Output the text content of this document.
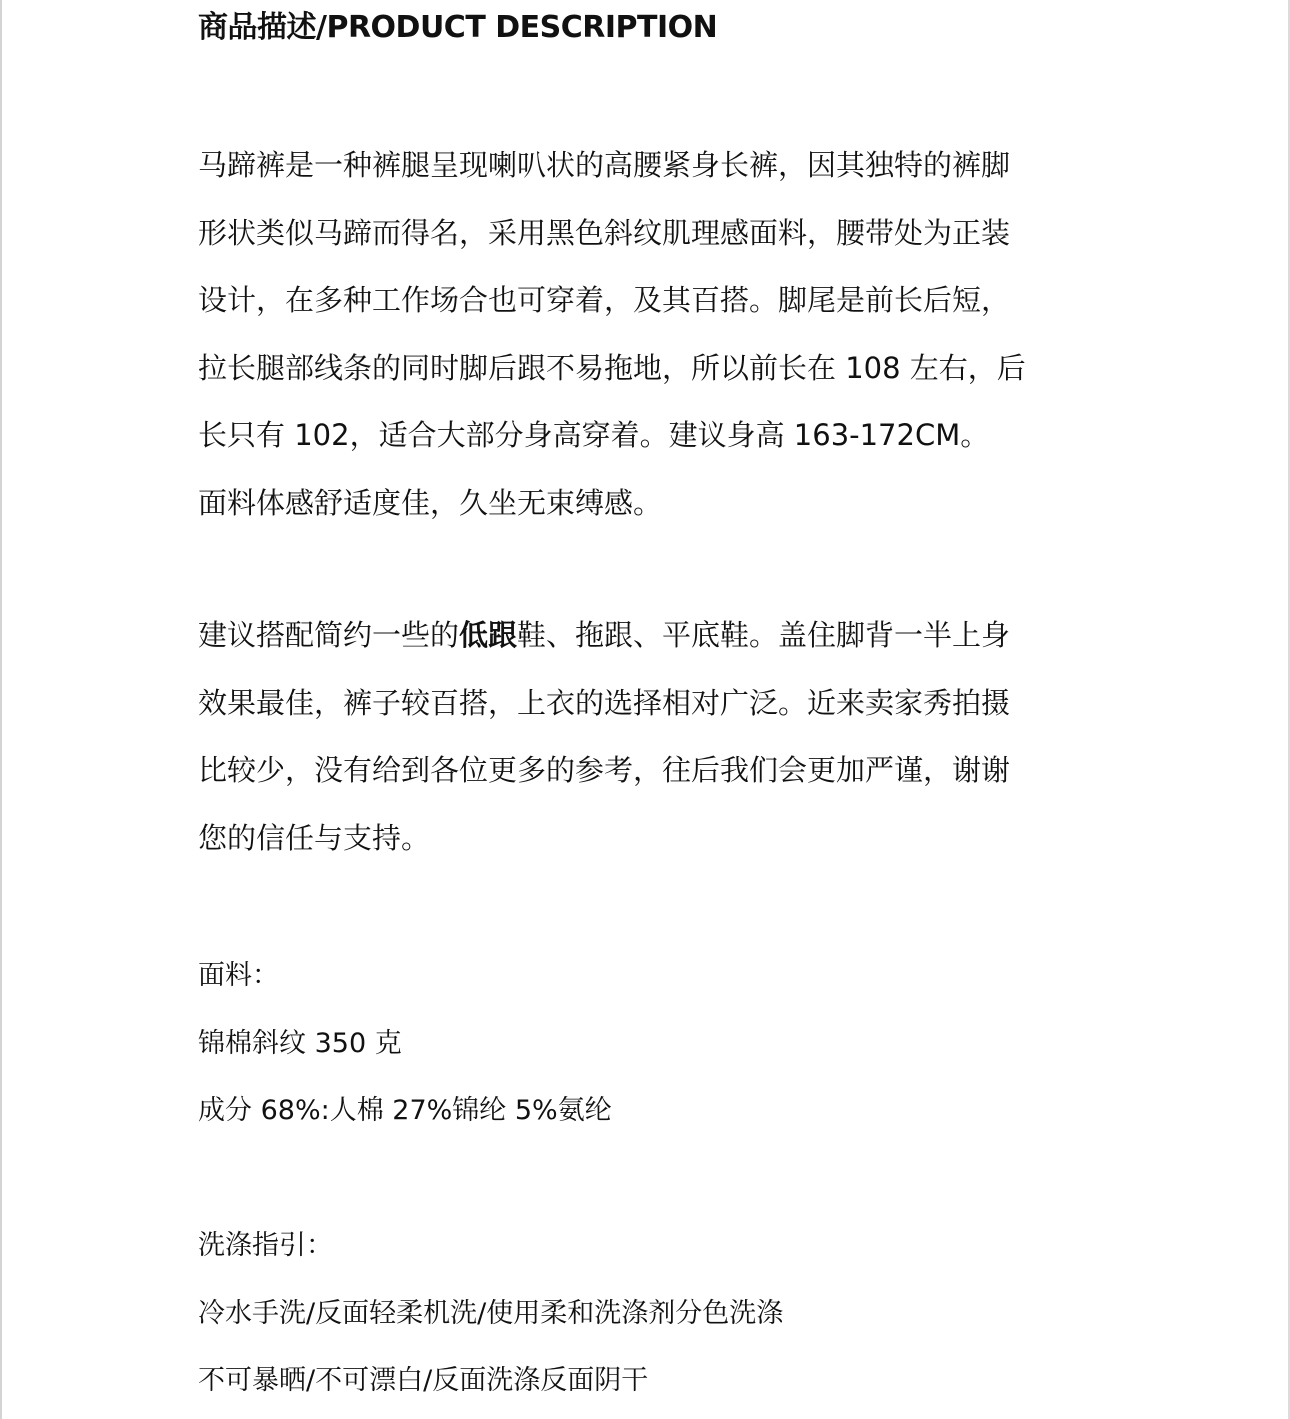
商品描述/PRODUCT DESCRIPTION
马蹄裤是一种裤腿呈现喇叭状的高腰紧身长裤，因其独特的裤脚
形状类似马蹄而得名，采用黑色斜纹肌理感面料，腰带处为正装
设计，在多种工作场合也可穿着，及其百搭。脚尾是前长后短，
拉长腿部线条的同时脚后跟不易拖地，所以前长在 108 左右，后
长只有 102，适合大部分身高穿着。建议身高 163-172CM。
面料体感舒适度佳，久坐无束缚感。
建议搭配简约一些的低跟鞋、拖跟、平底鞋。盖住脚背一半上身
效果最佳，裤子较百搭，上衣的选择相对广泛。近来卖家秀拍摄
比较少，没有给到各位更多的参考，往后我们会更加严谨，谢谢
您的信任与支持。
面料：
锦棉斜纹 350 克
成分 68%:人棉 27%锦纶 5%氨纶
洗涤指引：
冷水手洗/反面轻柔机洗/使用柔和洗涤剂分色洗涤
不可暴晒/不可漂白/反面洗涤反面阴干
